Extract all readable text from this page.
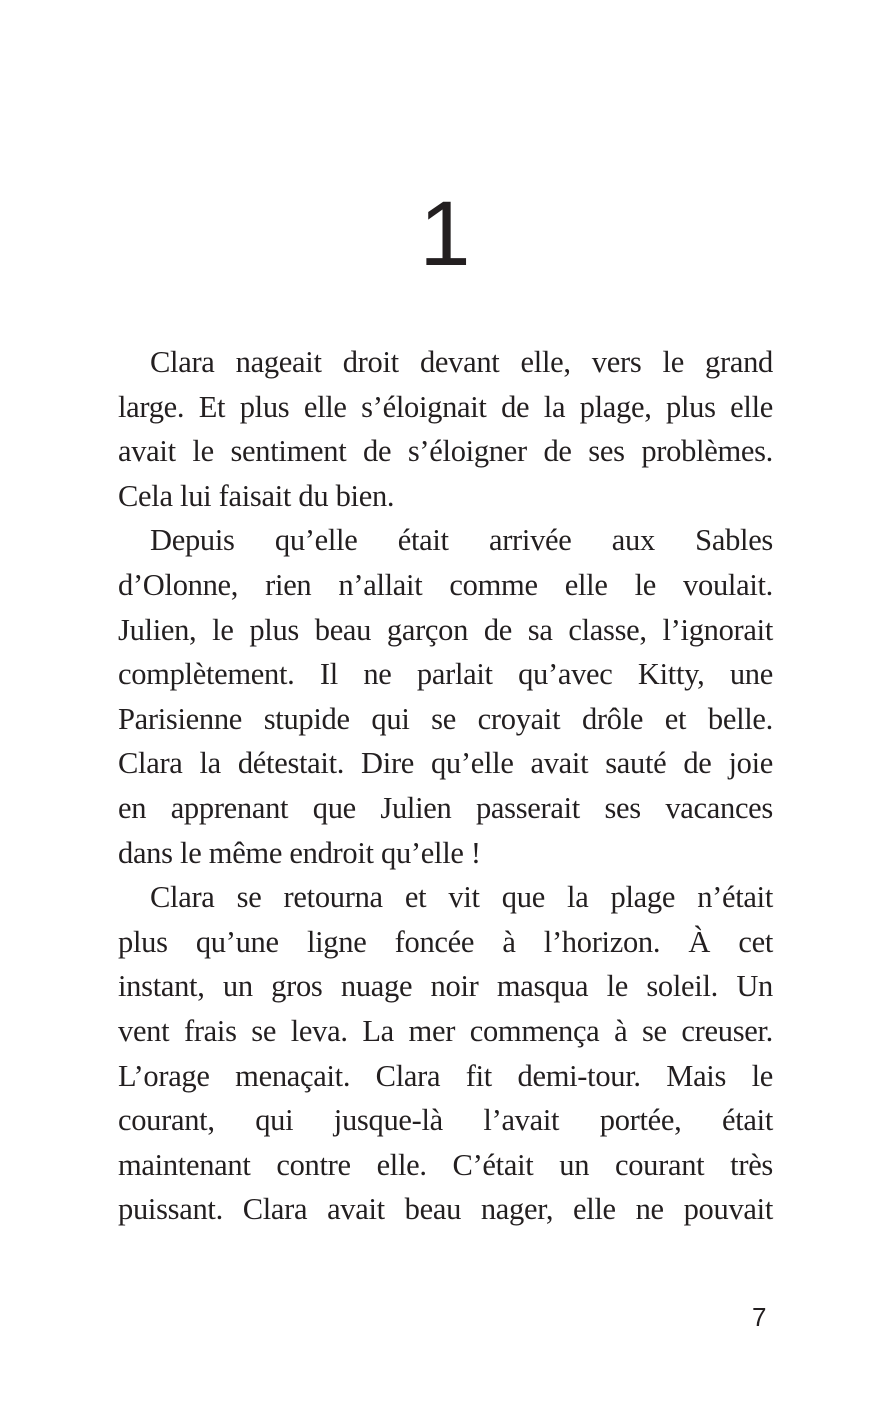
1
Clara nageait droit devant elle, vers le grand
large. Et plus elle s’éloignait de la plage, plus elle
avait le sentiment de s’éloigner de ses problèmes.
Cela lui faisait du bien.
Depuis qu’elle était arrivée aux Sables
d’Olonne, rien n’allait comme elle le voulait.
Julien, le plus beau garçon de sa classe, l’ignorait
complètement. Il ne parlait qu’avec Kitty, une
Parisienne stupide qui se croyait drôle et belle.
Clara la détestait. Dire qu’elle avait sauté de joie
en apprenant que Julien passerait ses vacances
dans le même endroit qu’elle !
Clara se retourna et vit que la plage n’était
plus qu’une ligne foncée à l’horizon. À cet
instant, un gros nuage noir masqua le soleil. Un
vent frais se leva. La mer commença à se creuser.
L’orage menaçait. Clara fit demi-tour. Mais le
courant, qui jusque-là l’avait portée, était
maintenant contre elle. C’était un courant très
puissant. Clara avait beau nager, elle ne pouvait
7
